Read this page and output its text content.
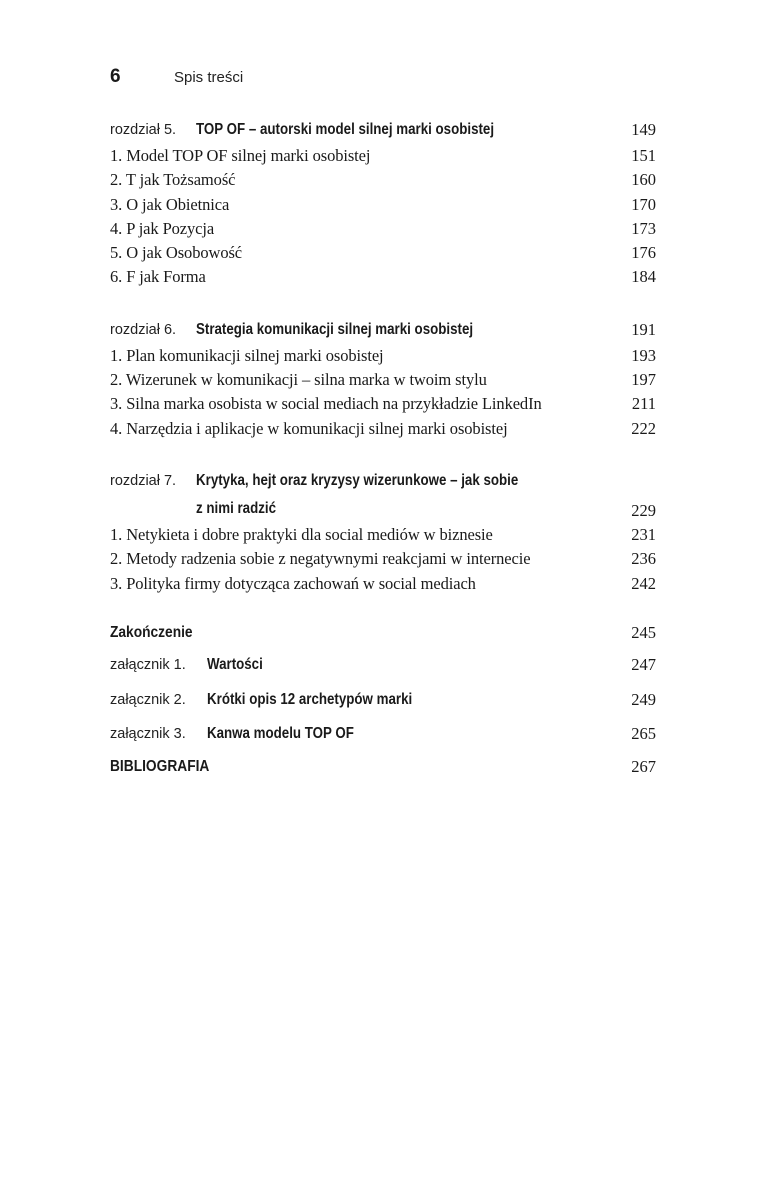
6	Spis treści
rozdział 5. TOP OF – autorski model silnej marki osobistej	149
1. Model TOP OF silnej marki osobistej	151
2. T jak Tożsamość	160
3. O jak Obietnica	170
4. P jak Pozycja	173
5. O jak Osobowość	176
6. F jak Forma	184
rozdział 6. Strategia komunikacji silnej marki osobistej	191
1. Plan komunikacji silnej marki osobistej	193
2. Wizerunek w komunikacji – silna marka w twoim stylu	197
3. Silna marka osobista w social mediach na przykładzie LinkedIn	211
4. Narzędzia i aplikacje w komunikacji silnej marki osobistej	222
rozdział 7. Krytyka, hejt oraz kryzysy wizerunkowe – jak sobie
z nimi radzić	229
1. Netykieta i dobre praktyki dla social mediów w biznesie	231
2. Metody radzenia sobie z negatywnymi reakcjami w internecie	236
3. Polityka firmy dotycząca zachowań w social mediach	242
Zakończenie	245
załącznik 1. Wartości	247
załącznik 2. Krótki opis 12 archetypów marki	249
załącznik 3. Kanwa modelu TOP OF	265
BIBLIOGRAFIA	267
